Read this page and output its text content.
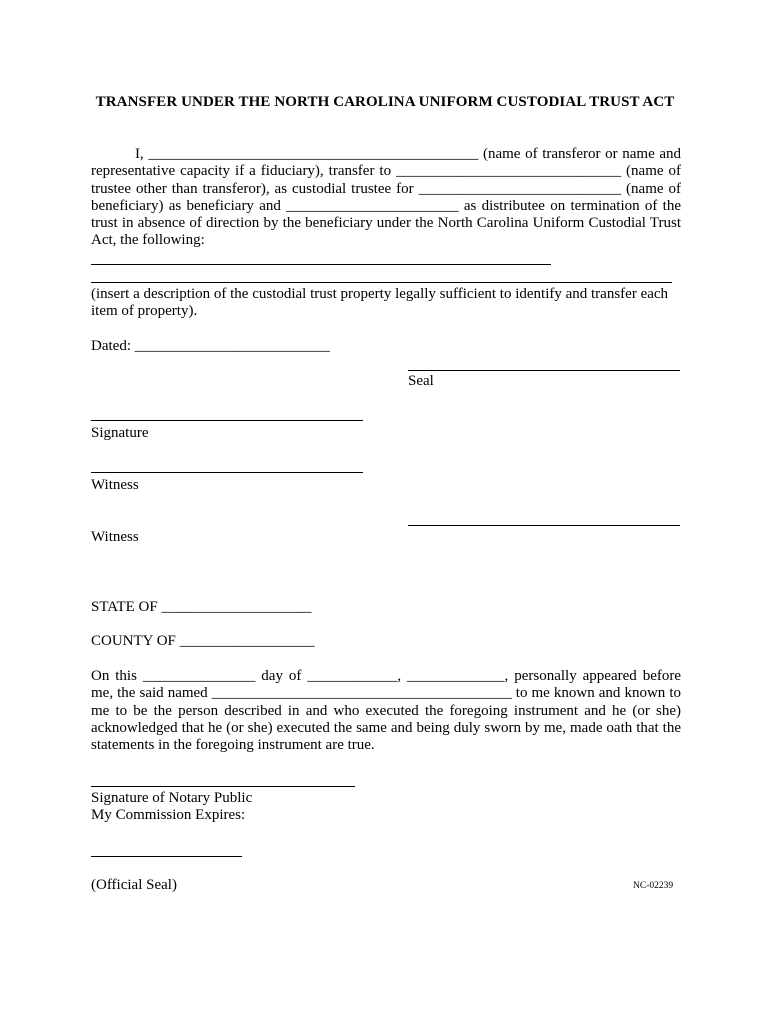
TRANSFER UNDER THE NORTH CAROLINA UNIFORM CUSTODIAL TRUST ACT
I, ____________________________________________ (name of transferor or name and representative capacity if a fiduciary), transfer to ______________________________ (name of trustee other than transferor), as custodial trustee for ___________________________ (name of beneficiary) as beneficiary and _______________________ as distributee on termination of the trust in absence of direction by the beneficiary under the North Carolina Uniform Custodial Trust Act, the following:
(insert a description of the custodial trust property legally sufficient to identify and transfer each item of property).
Dated: __________________________
Seal
Signature
Witness
Witness
STATE OF ____________________
COUNTY OF __________________
On this _______________ day of ____________, _____________, personally appeared before me, the said named ________________________________________ to me known and known to me to be the person described in and who executed the foregoing instrument and he (or she) acknowledged that he (or she) executed the same and being duly sworn by me, made oath that the statements in the foregoing instrument are true.
Signature of Notary Public
My Commission Expires:
(Official Seal)	NC-02239
